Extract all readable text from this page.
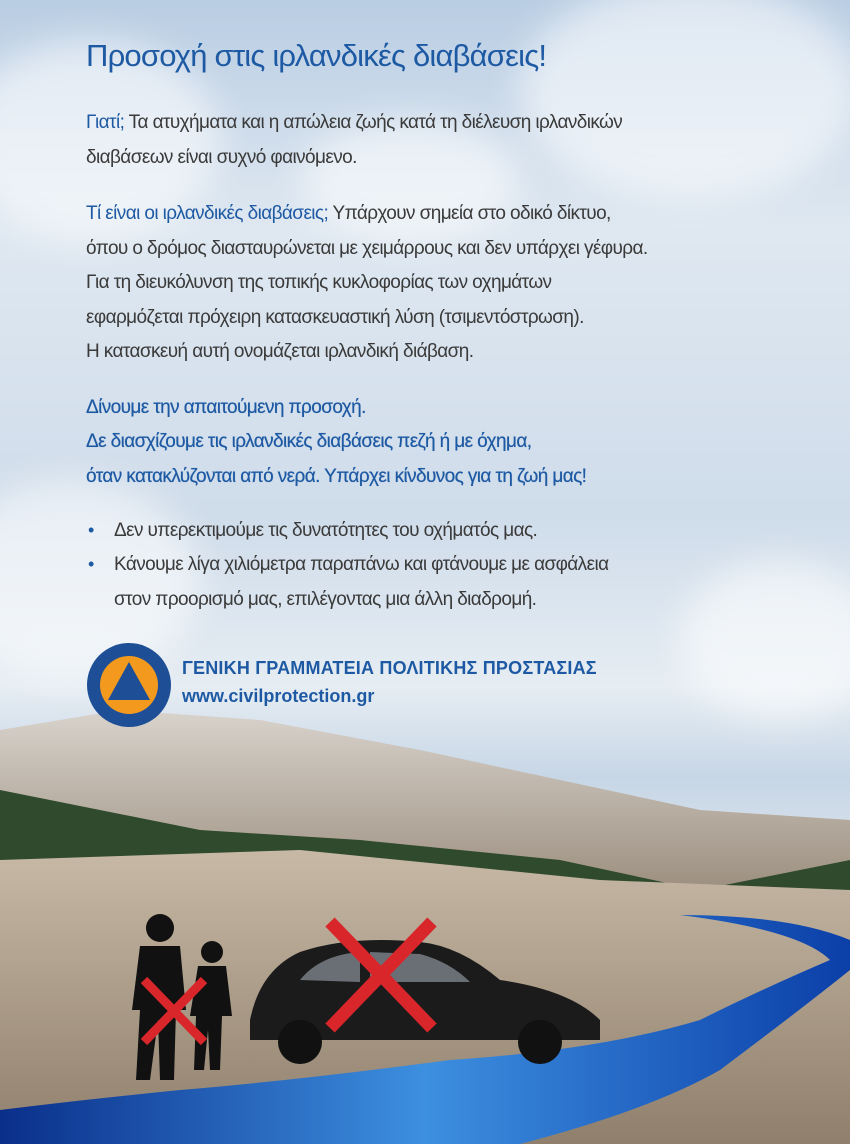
Προσοχή στις ιρλανδικές διαβάσεις!
Γιατί; Τα ατυχήματα και η απώλεια ζωής κατά τη διέλευση ιρλανδικών
διαβάσεων είναι συχνό φαινόμενο.
Τί είναι οι ιρλανδικές διαβάσεις; Υπάρχουν σημεία στο οδικό δίκτυο,
όπου ο δρόμος διασταυρώνεται με χειμάρρους και δεν υπάρχει γέφυρα.
Για τη διευκόλυνση της τοπικής κυκλοφορίας των οχημάτων
εφαρμόζεται πρόχειρη κατασκευαστική λύση (τσιμεντόστρωση).
Η κατασκευή αυτή ονομάζεται ιρλανδική διάβαση.
Δίνουμε την απαιτούμενη προσοχή.
Δε διασχίζουμε τις ιρλανδικές διαβάσεις πεζή ή με όχημα,
όταν κατακλύζονται από νερά. Υπάρχει κίνδυνος για τη ζωή μας!
• Δεν υπερεκτιμούμε τις δυνατότητες του οχήματός μας.
• Κάνουμε λίγα χιλιόμετρα παραπάνω και φτάνουμε με ασφάλεια
στον προορισμό μας, επιλέγοντας μια άλλη διαδρομή.
ΓΕΝΙΚΗ ΓΡΑΜΜΑΤΕΙΑ ΠΟΛΙΤΙΚΗΣ ΠΡΟΣΤΑΣΙΑΣ
www.civilprotection.gr
